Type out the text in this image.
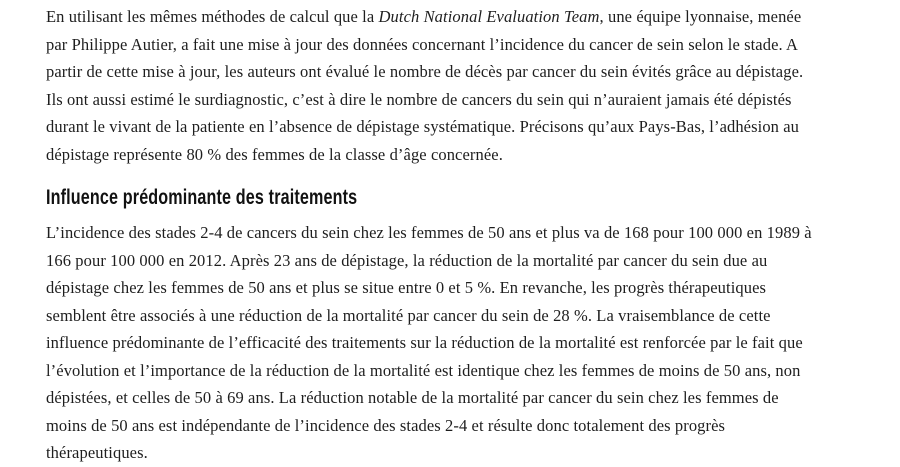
En utilisant les mêmes méthodes de calcul que la Dutch National Evaluation Team, une équipe lyonnaise, menée
par Philippe Autier, a fait une mise à jour des données concernant l’incidence du cancer de sein selon le stade. A
partir de cette mise à jour, les auteurs ont évalué le nombre de décès par cancer du sein évités grâce au dépistage.
Ils ont aussi estimé le surdiagnostic, c’est à dire le nombre de cancers du sein qui n’auraient jamais été dépistés
durant le vivant de la patiente en l’absence de dépistage systématique. Précisons qu’aux Pays-Bas, l’adhésion au
dépistage représente 80 % des femmes de la classe d’âge concernée.

Influence prédominante des traitements

L’incidence des stades 2-4 de cancers du sein chez les femmes de 50 ans et plus va de 168 pour 100 000 en 1989 à
166 pour 100 000 en 2012. Après 23 ans de dépistage, la réduction de la mortalité par cancer du sein due au
dépistage chez les femmes de 50 ans et plus se situe entre 0 et 5 %. En revanche, les progrès thérapeutiques
semblent être associés à une réduction de la mortalité par cancer du sein de 28 %. La vraisemblance de cette
influence prédominante de l’efficacité des traitements sur la réduction de la mortalité est renforcée par le fait que
l’évolution et l’importance de la réduction de la mortalité est identique chez les femmes de moins de 50 ans, non
dépistées, et celles de 50 à 69 ans. La réduction notable de la mortalité par cancer du sein chez les femmes de
moins de 50 ans est indépendante de l’incidence des stades 2-4 et résulte donc totalement des progrès
thérapeutiques.
